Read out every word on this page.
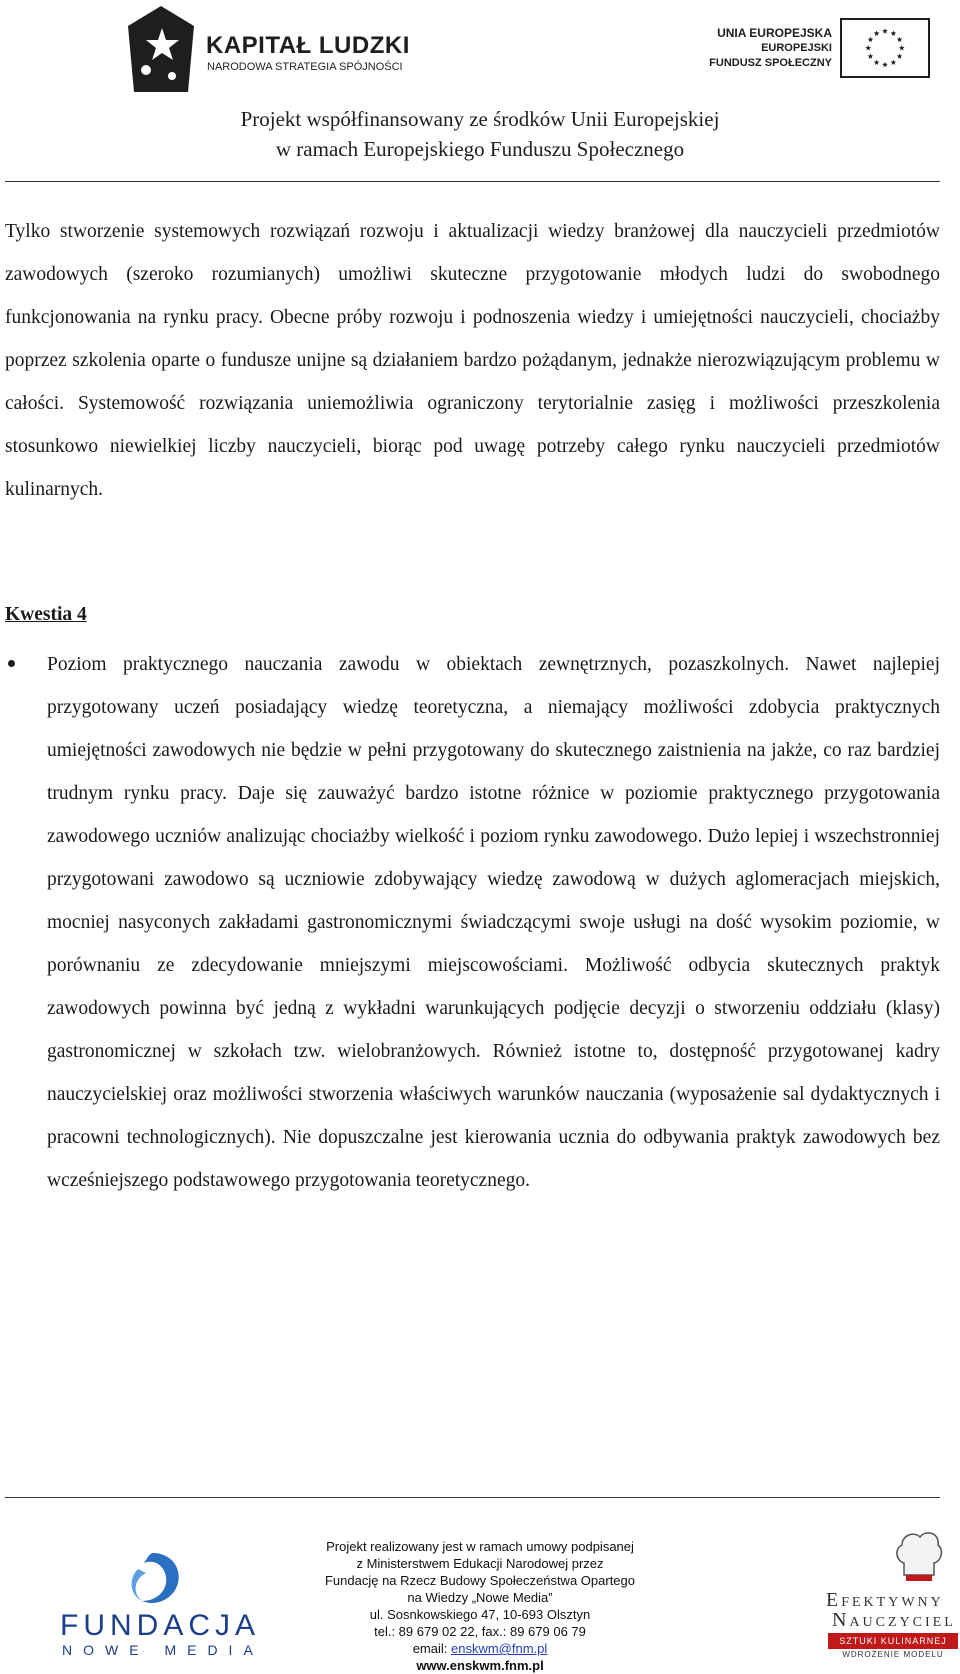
KAPITAŁ LUDZKI
NARODOWA STRATEGIA SPÓJNOŚCI
UNIA EUROPEJSKA
EUROPEJSKI
FUNDUSZ SPOŁECZNY
Projekt współfinansowany ze środków Unii Europejskiej
w ramach Europejskiego Funduszu Społecznego

Tylko stworzenie systemowych rozwiązań rozwoju i aktualizacji wiedzy branżowej dla nauczycieli przedmiotów zawodowych (szeroko rozumianych) umożliwi skuteczne przygotowanie młodych ludzi do swobodnego funkcjonowania na rynku pracy. Obecne próby rozwoju i podnoszenia wiedzy i umiejętności nauczycieli, chociażby poprzez szkolenia oparte o fundusze unijne są działaniem bardzo pożądanym, jednakże nierozwiązującym problemu w całości. Systemowość rozwiązania uniemożliwia ograniczony terytorialnie zasięg i możliwości przeszkolenia stosunkowo niewielkiej liczby nauczycieli, biorąc pod uwagę potrzeby całego rynku nauczycieli przedmiotów kulinarnych.

Kwestia 4

Poziom praktycznego nauczania zawodu w obiektach zewnętrznych, pozaszkolnych. Nawet najlepiej przygotowany uczeń posiadający wiedzę teoretyczna, a niemający możliwości zdobycia praktycznych umiejętności zawodowych nie będzie w pełni przygotowany do skutecznego zaistnienia na jakże, co raz bardziej trudnym rynku pracy. Daje się zauważyć bardzo istotne różnice w poziomie praktycznego przygotowania zawodowego uczniów analizując chociażby wielkość i poziom rynku zawodowego. Dużo lepiej i wszechstronniej przygotowani zawodowo są uczniowie zdobywający wiedzę zawodową w dużych aglomeracjach miejskich, mocniej nasyconych zakładami gastronomicznymi świadczącymi swoje usługi na dość wysokim poziomie, w porównaniu ze zdecydowanie mniejszymi miejscowościami. Możliwość odbycia skutecznych praktyk zawodowych powinna być jedną z wykładni warunkujących podjęcie decyzji o stworzeniu oddziału (klasy) gastronomicznej w szkołach tzw. wielobranżowych. Również istotne to, dostępność przygotowanej kadry nauczycielskiej oraz możliwości stworzenia właściwych warunków nauczania (wyposażenie sal dydaktycznych i pracowni technologicznych). Nie dopuszczalne jest kierowania ucznia do odbywania praktyk zawodowych bez wcześniejszego podstawowego przygotowania teoretycznego.

FUNDACJA
NOWE MEDIA
Projekt realizowany jest w ramach umowy podpisanej
z Ministerstwem Edukacji Narodowej przez
Fundację na Rzecz Budowy Społeczeństwa Opartego
na Wiedzy „Nowe Media”
ul. Sosnkowskiego 47, 10-693 Olsztyn
tel.: 89 679 02 22, fax.: 89 679 06 79
email: enskwm@fnm.pl
www.enskwm.fnm.pl
Efektywny
Nauczyciel
SZTUKI KULINARNEJ
WDROŻENIE MODELU
